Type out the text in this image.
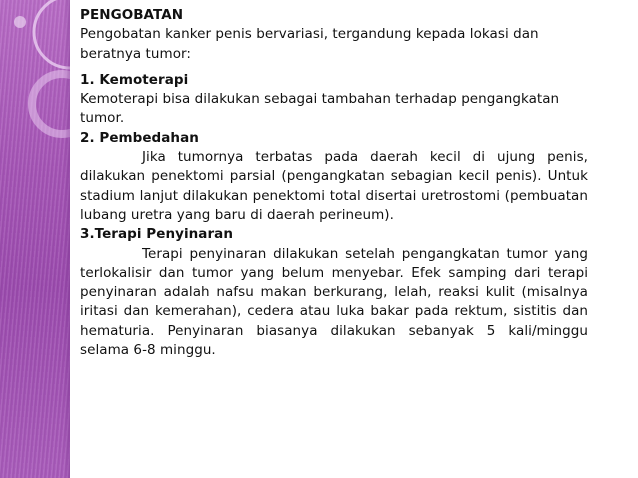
PENGOBATAN

Pengobatan kanker penis bervariasi, tergandung kepada lokasi dan beratnya tumor:

1. Kemoterapi

Kemoterapi bisa dilakukan sebagai tambahan terhadap pengangkatan tumor.

2. Pembedahan

Jika tumornya terbatas pada daerah kecil di ujung penis, dilakukan penektomi parsial (pengangkatan sebagian kecil penis). Untuk stadium lanjut dilakukan penektomi total disertai uretrostomi (pembuatan lubang uretra yang baru di daerah perineum).

3.Terapi Penyinaran

Terapi penyinaran dilakukan setelah pengangkatan tumor yang terlokalisir dan tumor yang belum menyebar. Efek samping dari terapi penyinaran adalah nafsu makan berkurang, lelah, reaksi kulit (misalnya iritasi dan kemerahan), cedera atau luka bakar pada rektum, sistitis dan hematuria. Penyinaran biasanya dilakukan sebanyak 5 kali/minggu selama 6-8 minggu.
